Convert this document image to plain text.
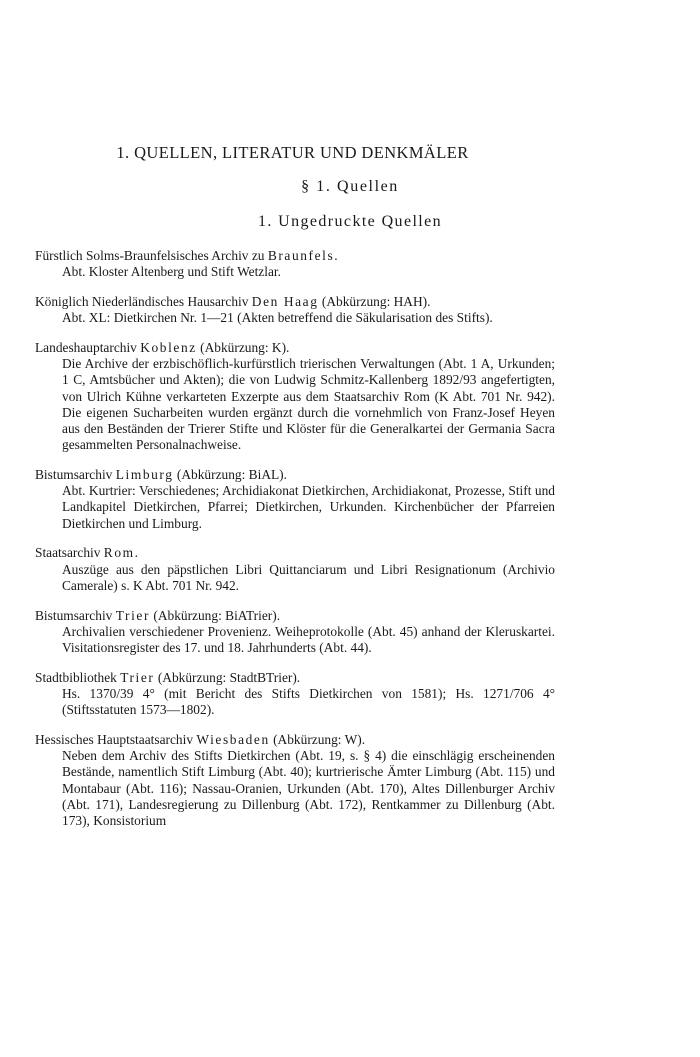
1. QUELLEN, LITERATUR UND DENKMÄLER
§ 1. Quellen
1. Ungedruckte Quellen
Fürstlich Solms-Braunfelsisches Archiv zu Braunfels.
Abt. Kloster Altenberg und Stift Wetzlar.
Königlich Niederländisches Hausarchiv Den Haag (Abkürzung: HAH).
Abt. XL: Dietkirchen Nr. 1—21 (Akten betreffend die Säkularisation des Stifts).
Landeshauptarchiv Koblenz (Abkürzung: K).
Die Archive der erzbischöflich-kurfürstlich trierischen Verwaltungen (Abt. 1 A, Urkunden; 1 C, Amtsbücher und Akten); die von Ludwig Schmitz-Kallenberg 1892/93 angefertigten, von Ulrich Kühne verkarteten Exzerpte aus dem Staatsarchiv Rom (K Abt. 701 Nr. 942). Die eigenen Sucharbeiten wurden ergänzt durch die vornehmlich von Franz-Josef Heyen aus den Beständen der Trierer Stifte und Klöster für die Generalkartei der Germania Sacra gesammelten Personalnachweise.
Bistumsarchiv Limburg (Abkürzung: BiAL).
Abt. Kurtrier: Verschiedenes; Archidiakonat Dietkirchen, Archidiakonat, Prozesse, Stift und Landkapitel Dietkirchen, Pfarrei; Dietkirchen, Urkunden. Kirchenbücher der Pfarreien Dietkirchen und Limburg.
Staatsarchiv Rom.
Auszüge aus den päpstlichen Libri Quittanciarum und Libri Resignationum (Archivio Camerale) s. K Abt. 701 Nr. 942.
Bistumsarchiv Trier (Abkürzung: BiATrier).
Archivalien verschiedener Provenienz. Weiheprotokolle (Abt. 45) anhand der Kleruskartei. Visitationsregister des 17. und 18. Jahrhunderts (Abt. 44).
Stadtbibliothek Trier (Abkürzung: StadtBTrier).
Hs. 1370/39 4° (mit Bericht des Stifts Dietkirchen von 1581); Hs. 1271/706 4° (Stiftsstatuten 1573—1802).
Hessisches Hauptstaatsarchiv Wiesbaden (Abkürzung: W).
Neben dem Archiv des Stifts Dietkirchen (Abt. 19, s. § 4) die einschlägig erscheinenden Bestände, namentlich Stift Limburg (Abt. 40); kurtrierische Ämter Limburg (Abt. 115) und Montabaur (Abt. 116); Nassau-Oranien, Urkunden (Abt. 170), Altes Dillenburger Archiv (Abt. 171), Landesregierung zu Dillenburg (Abt. 172), Rentkammer zu Dillenburg (Abt. 173), Konsistorium
